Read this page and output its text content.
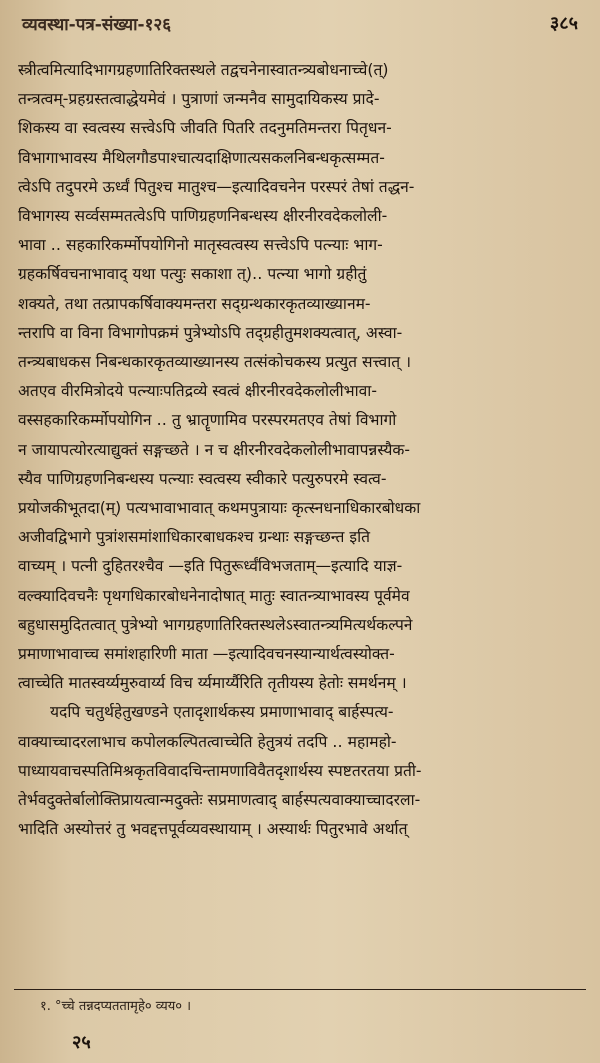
व्यवस्था-पत्र-संख्या-१२६	३८५
स्त्रीत्वमित्यादिभागग्रहणातिरिक्तस्थले तद्वचनेनास्वातन्त्र्यबोधनाच्चे(त्)
तन्त्रत्वम्-प्रहग्रस्तत्वाद्धेयमेवं । पुत्राणां जन्मनैव सामुदायिकस्य प्रादे-
शिकस्य वा स्वत्वस्य सत्त्वेऽपि जीवति पितरि तदनुमतिमन्तरा पितृधन-
विभागाभावस्य मैथिलगौडपाश्चात्यदाक्षिणात्यसकलनिबन्धकृत्सम्मत-
त्वेऽपि तदुपरमे ऊर्ध्वं पितुश्च मातुश्च—इत्यादिवचनेन परस्परं तेषां तद्धन-
विभागस्य सर्व्वसम्मतत्वेऽपि पाणिग्रहणनिबन्धस्य क्षीरनीरवदेकलोली-
भावा ‥ सहकारिकर्म्मोपयोगिनो मातृस्वत्वस्य सत्त्वेऽपि पत्न्याः भाग-
ग्रहकर्षिवचनाभावाद् यथा पत्युः सकाशा त्)‥ पत्न्या भागो ग्रहीतुं
शक्यते, तथा तत्प्रापकर्षिवाक्यमन्तरा सद्ग्रन्थकारकृतव्याख्यानम-
न्तरापि वा विना विभागोपक्रमं पुत्रेभ्योऽपि तद्ग्रहीतुमशक्यत्वात्, अस्वा-
तन्त्र्यबाधकस निबन्धकारकृतव्याख्यानस्य तत्संकोचकस्य प्रत्युत सत्त्वात् ।
अतएव वीरमित्रोदये पत्न्याःपतिद्रव्ये स्वत्वं क्षीरनीरवदेकलोलीभावा-
वस्सहकारिकर्म्मोपयोगिन ‥ तु भ्रातॄणामिव परस्परमतएव तेषां विभागो
न जायापत्योरत्याद्युक्तं सङ्गच्छते । न च क्षीरनीरवदेकलोलीभावापन्नस्यैक-
स्यैव पाणिग्रहणनिबन्धस्य पत्न्याः स्वत्वस्य स्वीकारे पत्युरुपरमे स्वत्व-
प्रयोजकीभूतदा(म्) पत्यभावाभावात् कथमपुत्रायाः कृत्स्नधनाधिकारबोधका
अजीवद्विभागे पुत्रांशसमांशाधिकारबाधकश्च ग्रन्थाः सङ्गच्छन्त इति
वाच्यम् । पत्नी दुहितरश्चैव —इति पितुरूर्ध्वंविभजताम्—इत्यादि याज्ञ-
वल्क्यादिवचनैः पृथगधिकारबोधनेनादोषात् मातुः स्वातन्त्र्याभावस्य पूर्वमेव
बहुधासमुदितत्वात् पुत्रेभ्यो भागग्रहणातिरिक्तस्थलेऽस्वातन्त्र्यमित्यर्थकल्पने
प्रमाणाभावाच्च समांशहारिणी माता —इत्यादिवचनस्यान्यार्थत्वस्योक्त-
त्वाच्चेति मातस्वर्य्यमुरुवार्य्य विच र्य्यमार्य्यैरिति तृतीयस्य हेतोः समर्थनम् ।
यदपि चतुर्थहेतुखण्डने एतादृशार्थकस्य प्रमाणाभावाद् बार्हस्पत्य-
वाक्याच्चादरलाभाच कपोलकल्पितत्वाच्चेति हेतुत्रयं तदपि ‥ महामहो-
पाध्यायवाचस्पतिमिश्रकृतविवादचिन्तामणाविवैतदृशार्थस्य स्पष्टतरतया प्रती-
तेर्भवदुक्तेर्बालोक्तिप्रायत्वान्मदुक्तेः सप्रमाणत्वाद् बार्हस्पत्यवाक्याच्चादरला-
भादिति अस्योत्तरं तु भवद्दत्तपूर्वव्यवस्थायाम् । अस्यार्थः पितुरभावे अर्थात्
१. °च्चे तन्नदप्यततामृहे० व्यय० ।
२५
